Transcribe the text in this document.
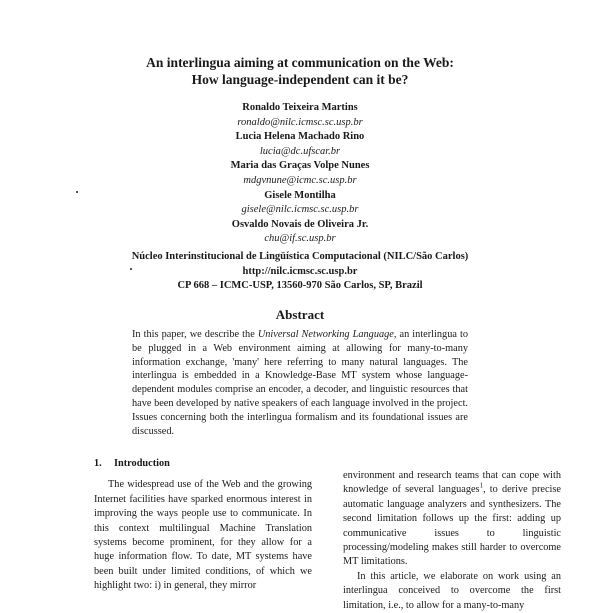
An interlingua aiming at communication on the Web:
How language-independent can it be?
Ronaldo Teixeira Martins
ronaldo@nilc.icmsc.sc.usp.br
Lucia Helena Machado Rino
lucia@dc.ufscar.br
Maria das Graças Volpe Nunes
mdgvnune@icmc.sc.usp.br
Gisele Montilha
gisele@nilc.icmsc.sc.usp.br
Osvaldo Novais de Oliveira Jr.
chu@if.sc.usp.br
Núcleo Interinstitucional de Lingüística Computacional (NILC/São Carlos)
http://nilc.icmsc.sc.usp.br
CP 668 – ICMC-USP, 13560-970 São Carlos, SP, Brazil
Abstract
In this paper, we describe the Universal Networking Language, an interlingua to be plugged in a Web environment aiming at allowing for many-to-many information exchange, 'many' here referring to many natural languages. The interlingua is embedded in a Knowledge-Base MT system whose language-dependent modules comprise an encoder, a decoder, and linguistic resources that have been developed by native speakers of each language involved in the project. Issues concerning both the interlingua formalism and its foundational issues are discussed.
1. Introduction

The widespread use of the Web and the growing Internet facilities have sparked enormous interest in improving the ways people use to communicate. In this context multilingual Machine Translation systems become prominent, for they allow for a huge information flow. To date, MT systems have been built under limited conditions, of which we highlight two: i) in general, they mirror

environment and research teams that can cope with knowledge of several languages$^1$, to derive precise automatic language analyzers and synthesizers. The second limitation follows up the first: adding up communicative issues to linguistic processing/modeling makes still harder to overcome MT limitations.

In this article, we elaborate on work using an interlingua conceived to overcome the first limitation, i.e., to allow for a many-to-many
